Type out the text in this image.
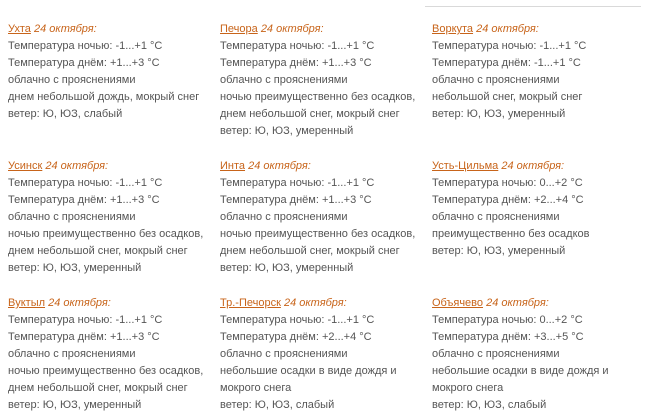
Ухта 24 октября:
Температура ночью: -1...+1 °C
Температура днём: +1...+3 °C
облачно с прояснениями
днем небольшой дождь, мокрый снег
ветер: Ю, ЮЗ, слабый
Печора 24 октября:
Температура ночью: -1...+1 °C
Температура днём: +1...+3 °C
облачно с прояснениями
ночью преимущественно без осадков,
днем небольшой снег, мокрый снег
ветер: Ю, ЮЗ, умеренный
Воркута 24 октября:
Температура ночью: -1...+1 °C
Температура днём: -1...+1 °C
облачно с прояснениями
небольшой снег, мокрый снег
ветер: Ю, ЮЗ, умеренный
Усинск 24 октября:
Температура ночью: -1...+1 °C
Температура днём: +1...+3 °C
облачно с прояснениями
ночью преимущественно без осадков,
днем небольшой снег, мокрый снег
ветер: Ю, ЮЗ, умеренный
Инта 24 октября:
Температура ночью: -1...+1 °C
Температура днём: +1...+3 °C
облачно с прояснениями
ночью преимущественно без осадков,
днем небольшой снег, мокрый снег
ветер: Ю, ЮЗ, умеренный
Усть-Цильма 24 октября:
Температура ночью: 0...+2 °C
Температура днём: +2...+4 °C
облачно с прояснениями
преимущественно без осадков
ветер: Ю, ЮЗ, умеренный
Вуктыл 24 октября:
Температура ночью: -1...+1 °C
Температура днём: +1...+3 °C
облачно с прояснениями
ночью преимущественно без осадков,
днем небольшой снег, мокрый снег
ветер: Ю, ЮЗ, умеренный
Тр.-Печорск 24 октября:
Температура ночью: -1...+1 °C
Температура днём: +2...+4 °C
облачно с прояснениями
небольшие осадки в виде дождя и
мокрого снега
ветер: Ю, ЮЗ, слабый
Объячево 24 октября:
Температура ночью: 0...+2 °C
Температура днём: +3...+5 °C
облачно с прояснениями
небольшие осадки в виде дождя и
мокрого снега
ветер: Ю, ЮЗ, слабый
